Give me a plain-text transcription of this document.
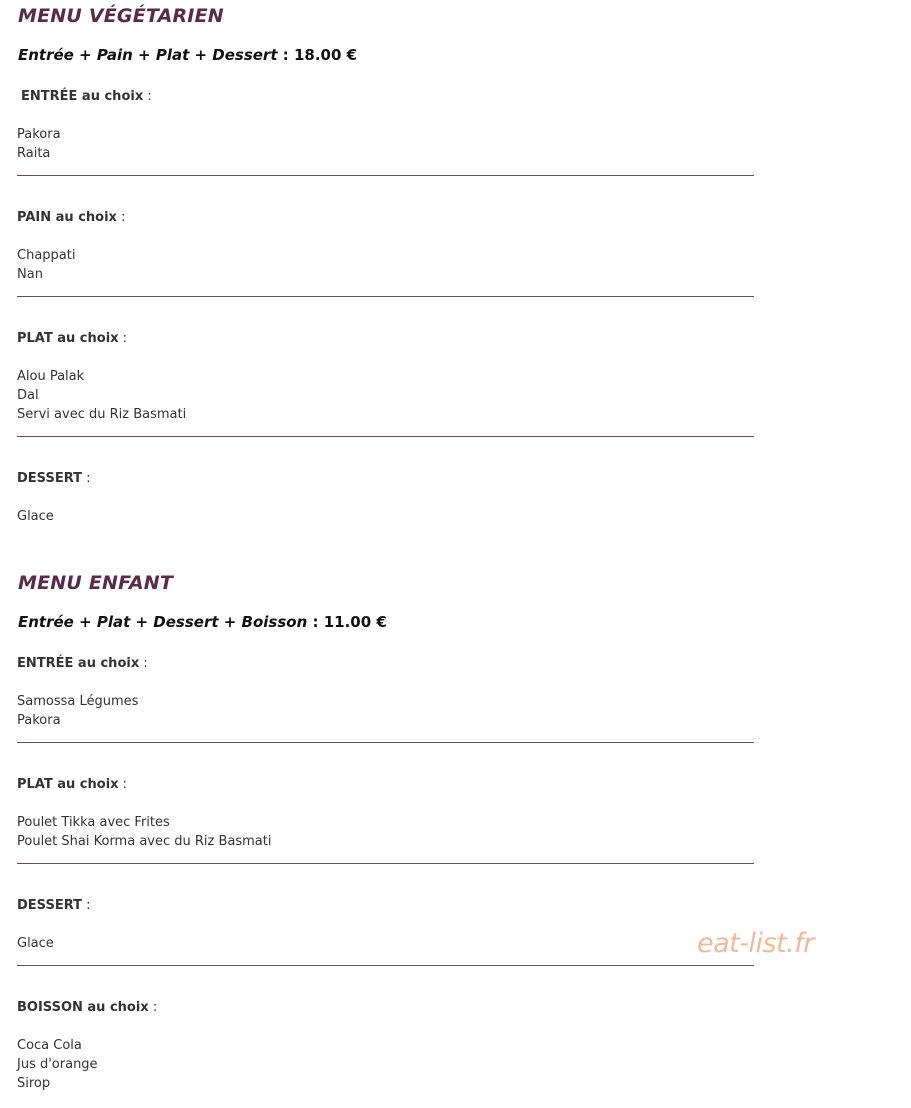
MENU VÉGÉTARIEN

Entrée + Pain + Plat + Dessert : 18.00 €

ENTRÉE au choix :

Pakora
Raita

PAIN au choix :

Chappati
Nan

PLAT au choix :

Alou Palak
Dal
Servi avec du Riz Basmati

DESSERT :

Glace
MENU ENFANT

Entrée + Plat + Dessert + Boisson : 11.00 €

ENTRÉE au choix :

Samossa Légumes
Pakora

PLAT au choix :

Poulet Tikka avec Frites
Poulet Shai Korma avec du Riz Basmati

DESSERT :

Glace

BOISSON au choix :

Coca Cola
Jus d'orange
Sirop
eat-list.fr
